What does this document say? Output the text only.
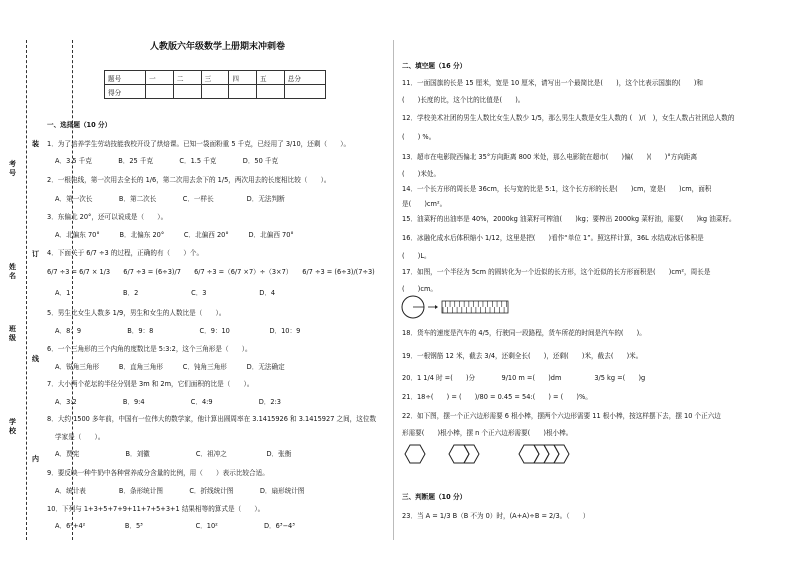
考号
姓名
班级
学校
装
订
线
内
人教版六年级数学上册期末冲刺卷
题号	一	二	三	四	五	总分
得分						
一、选择题（10 分）
1．为了培养学生劳动技能我校开设了烘焙课。已知一袋面粉重 5 千克，已经用了 3/10，还剩（　　）。
A．3.5 千克　　　　B．25 千克　　　　C．1.5 千克　　　　D．50 千克
2．一根电线，第一次用去全长的 1/6，第二次用去余下的 1/5，两次用去的长度相比较（　　）。
A．第一次长　　　　B．第二次长　　　　C．一样长　　　　　D．无法判断
3．东偏北 20°，还可以说成是（　　）。
A．北偏东 70°　　　B．北偏东 20°　　　C．北偏西 20°　　　D．北偏西 70°
4．下面关于 6/7 ÷3 的过程，正确的有（　　）个。
6/7 ÷3 = 6/7 × 1/3　　6/7 ÷3 = (6÷3)/7　　6/7 ÷3 =（6/7 ×7）÷（3×7）　　6/7 ÷3 = (6÷3)/(7÷3)
A．1　　　　　　　　B．2　　　　　　　　C．3　　　　　　　　D．4
5．男生比女生人数多 1/9，男生和女生的人数比是（　　）。
A．8：9　　　　　　　B．9：8　　　　　　　C．9：10　　　　　　D．10：9
6．一个三角形的三个内角的度数比是 5:3:2，这个三角形是（　　）。
A．锐角三角形　　　B．直角三角形　　　C．钝角三角形　　　D．无法确定
7．大小两个花坛的半径分别是 3m 和 2m，它们面积的比是（　　）。
A．3:2　　　　　　　B．9:4　　　　　　　C．4:9　　　　　　　D．2:3
8．大约 1500 多年前，中国有一位伟大的数学家，他计算出圆周率在 3.1415926 和 3.1415927 之间，这位数
学家是（　　）。
A．贾宪　　　　　　　B．刘徽　　　　　　　C．祖冲之　　　　　　D．张衡
9．要反映一种牛奶中各种营养成分含量的比例，用（　　）表示比较合适。
A．统计表　　　　　B．条形统计图　　　　C．折线统计图　　　　D．扇形统计图
10．下列与 1+3+5+7+9+11+7+5+3+1 结果相等的算式是（　　）。
A．6²+4²　　　　　　B．5³　　　　　　　　C．10²　　　　　　　D．6³−4³
二、填空题（16 分）
11．一面国旗的长是 15 厘米，宽是 10 厘米，请写出一个最简比是(　　)，这个比表示国旗的(　　)和
(　　)长度的比，这个比的比值是(　　)。
12．学校美术社团的男生人数比女生人数少 1/5，那么男生人数是女生人数的 (　)/(　)，女生人数占社团总人数的
(　　) %。
13．超市在电影院西偏北 35°方向距离 800 米处，那么电影院在超市(　　)偏(　　)(　　)°方向距离
(　　)米处。
14．一个长方形的周长是 36cm，长与宽的比是 5:1，这个长方形的长是(　　)cm，宽是(　　)cm，面积
是(　　)cm²。
15．油菜籽的出油率是 40%，2000kg 油菜籽可榨油(　　)kg；要榨出 2000kg 菜籽油，需要(　　)kg 油菜籽。
16．冰融化成水后体积缩小 1/12，这里是把(　　)看作“单位 1”。照这样计算，36L 水结成冰后体积是
(　　)L。
17．如图，一个半径为 5cm 的圆转化为一个近似的长方形，这个近似的长方形面积是(　　)cm²，周长是
(　　)cm。
18．货车的速度是汽车的 4/5，行驶同一段路程，货车所花的时间是汽车的(　　)。
19．一根钢筋 12 米，截去 3/4，还剩全长(　　)，还剩(　　)米，截去(　　)米。
20．1 1/4 时 =(　　)分　　　　9/10 m =(　　)dm　　　　　3/5 kg =(　　)g
21．18÷(　　) = (　　)/80 = 0.45 = 54:(　　) = (　　)%。
22．如下图，摆一个正六边形需要 6 根小棒，摆两个六边形需要 11 根小棒，按这样摆下去，摆 10 个正六边
形需要(　　)根小棒，摆 n 个正六边形需要(　　)根小棒。
三、判断题（10 分）
23．当 A = 1/3 B（B 不为 0）时，(A+A)÷B = 2/3。（　　）
